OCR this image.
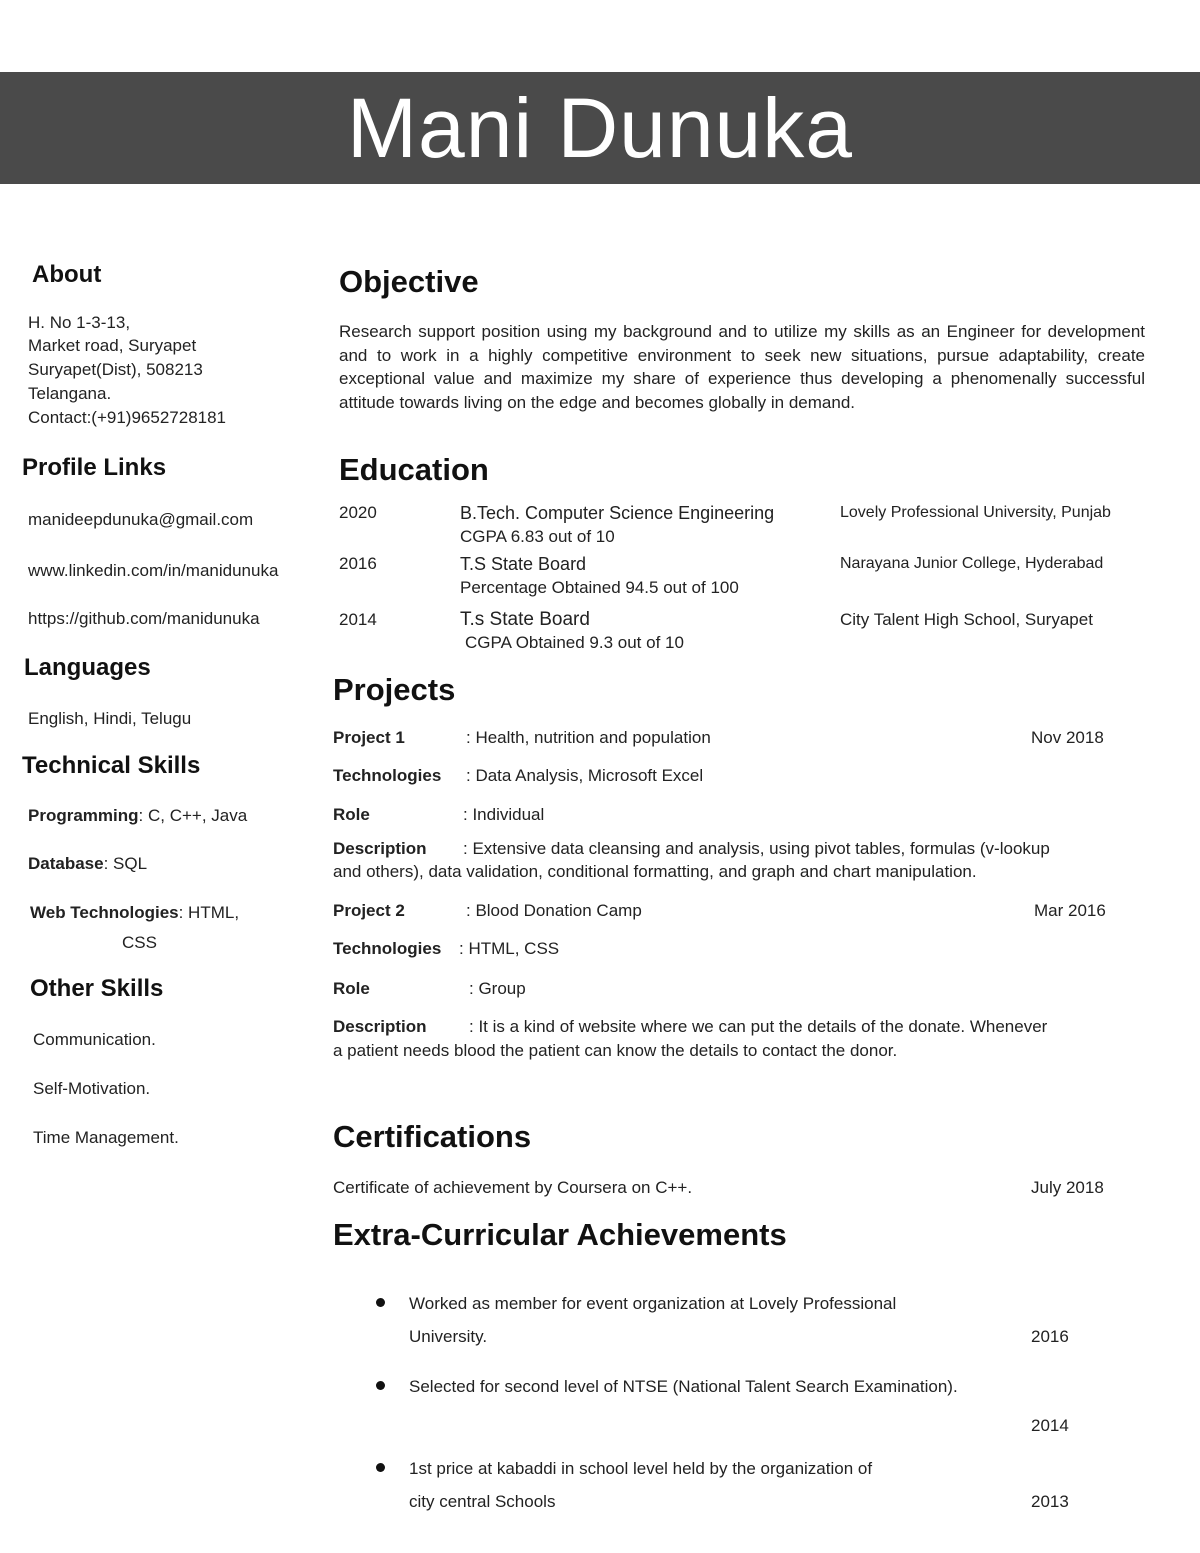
Mani Dunuka
About
H. No 1-3-13,
Market road, Suryapet
Suryapet(Dist), 508213
Telangana.
Contact:(+91)9652728181
Profile Links
manideepdunuka@gmail.com
www.linkedin.com/in/manidunuka
https://github.com/manidunuka
Languages
English, Hindi, Telugu
Technical Skills
Programming: C, C++, Java
Database: SQL
Web Technologies: HTML,
CSS
Other Skills
Communication.
Self-Motivation.
Time Management.
Objective
Research support position using my background and to utilize my skills as an Engineer for development and to work in a highly competitive environment to seek new situations, pursue adaptability, create exceptional value and maximize my share of experience thus developing a phenomenally successful attitude towards living on the edge and becomes globally in demand.
Education
2020	B.Tech. Computer Science Engineering
CGPA 6.83 out of 10
Lovely Professional University, Punjab
2016	T.S State Board
Percentage Obtained 94.5 out of 100
Narayana Junior College, Hyderabad
2014	T.s State Board
CGPA Obtained 9.3 out of 10
City Talent High School, Suryapet
Projects
Project 1	: Health, nutrition and population	Nov 2018
Technologies : Data Analysis, Microsoft Excel
Role	: Individual
Description : Extensive data cleansing and analysis, using pivot tables, formulas (v-lookup
and others), data validation, conditional formatting, and graph and chart manipulation.
Project 2	: Blood Donation Camp	Mar 2016
Technologies : HTML, CSS
Role	: Group
Description : It is a kind of website where we can put the details of the donate. Whenever
a patient needs blood the patient can know the details to contact the donor.
Certifications
Certificate of achievement by Coursera on C++.	July 2018
Extra-Curricular Achievements
Worked as member for event organization at Lovely Professional
University.	2016
Selected for second level of NTSE (National Talent Search Examination).
2014
1st price at kabaddi in school level held by the organization of
city central Schools	2013
